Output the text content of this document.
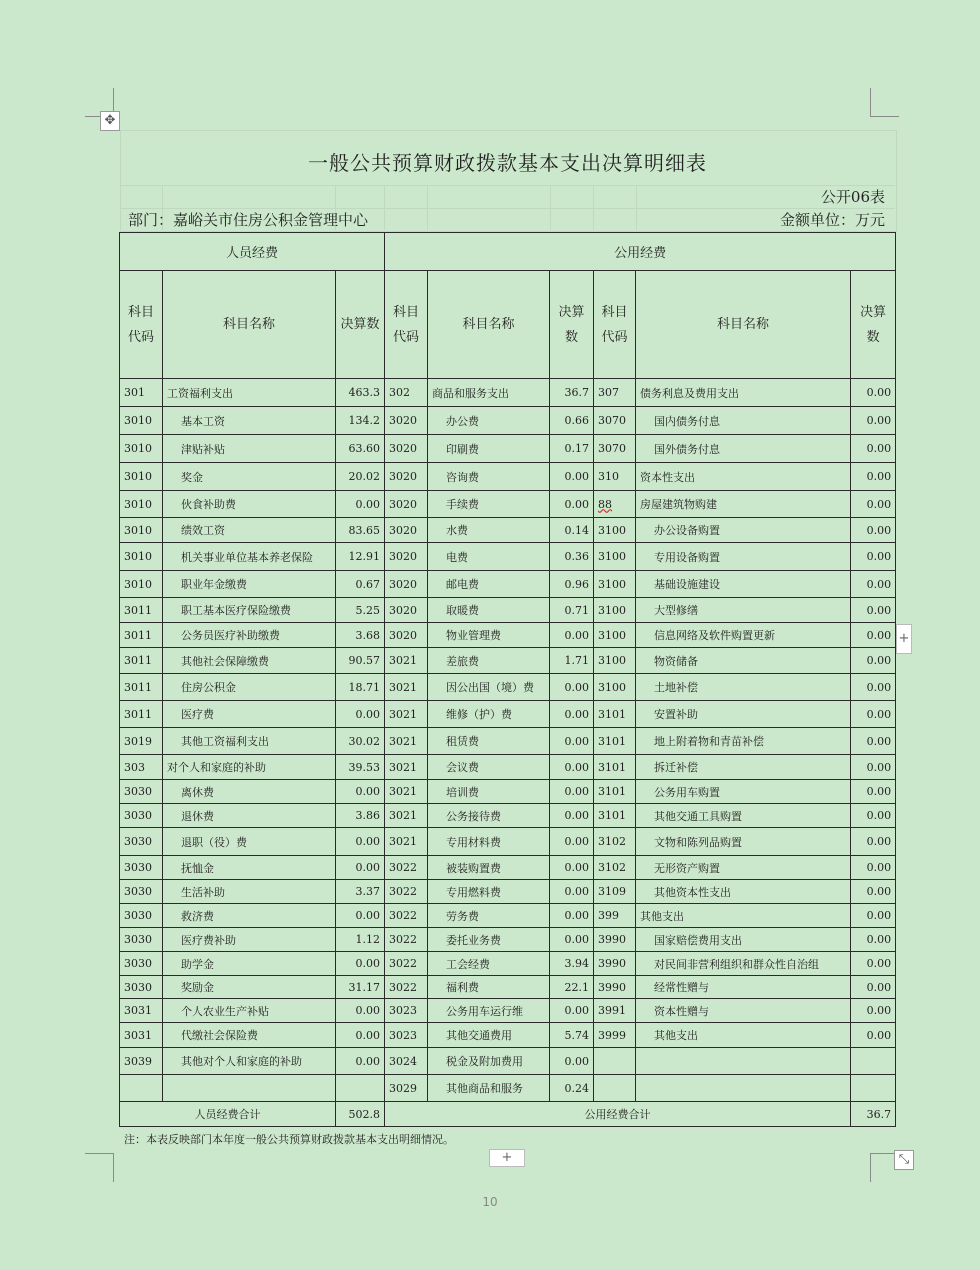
✥
⤡
+
+
一般公共预算财政拨款基本支出决算明细表
公开06表
部门：嘉峪关市住房公积金管理中心	金额单位：万元
人员经费			公用经费					
科目代码	科目名称	决算数	科目代码	科目名称	决算数	科目代码	科目名称	决算数
301	工资福利支出	463.3	302	商品和服务支出	36.7	307	债务利息及费用支出	0.00
3010	基本工资	134.2	3020	办公费	0.66	3070	国内债务付息	0.00
3010	津贴补贴	63.60	3020	印刷费	0.17	3070	国外债务付息	0.00
3010	奖金	20.02	3020	咨询费	0.00	310	资本性支出	0.00
3010	伙食补助费	0.00	3020	手续费	0.00	88	房屋建筑物购建	0.00
3010	绩效工资	83.65	3020	水费	0.14	3100	办公设备购置	0.00
3010	机关事业单位基本养老保险	12.91	3020	电费	0.36	3100	专用设备购置	0.00
3010	职业年金缴费	0.67	3020	邮电费	0.96	3100	基础设施建设	0.00
3011	职工基本医疗保险缴费	5.25	3020	取暖费	0.71	3100	大型修缮	0.00
3011	公务员医疗补助缴费	3.68	3020	物业管理费	0.00	3100	信息网络及软件购置更新	0.00
3011	其他社会保障缴费	90.57	3021	差旅费	1.71	3100	物资储备	0.00
3011	住房公积金	18.71	3021	因公出国（境）费	0.00	3100	土地补偿	0.00
3011	医疗费	0.00	3021	维修（护）费	0.00	3101	安置补助	0.00
3019	其他工资福利支出	30.02	3021	租赁费	0.00	3101	地上附着物和青苗补偿	0.00
303	对个人和家庭的补助	39.53	3021	会议费	0.00	3101	拆迁补偿	0.00
3030	离休费	0.00	3021	培训费	0.00	3101	公务用车购置	0.00
3030	退休费	3.86	3021	公务接待费	0.00	3101	其他交通工具购置	0.00
3030	退职（役）费	0.00	3021	专用材料费	0.00	3102	文物和陈列品购置	0.00
3030	抚恤金	0.00	3022	被装购置费	0.00	3102	无形资产购置	0.00
3030	生活补助	3.37	3022	专用燃料费	0.00	3109	其他资本性支出	0.00
3030	救济费	0.00	3022	劳务费	0.00	399	其他支出	0.00
3030	医疗费补助	1.12	3022	委托业务费	0.00	3990	国家赔偿费用支出	0.00
3030	助学金	0.00	3022	工会经费	3.94	3990	对民间非营利组织和群众性自治组	0.00
3030	奖励金	31.17	3022	福利费	22.1	3990	经常性赠与	0.00
3031	个人农业生产补贴	0.00	3023	公务用车运行维	0.00	3991	资本性赠与	0.00
3031	代缴社会保险费	0.00	3023	其他交通费用	5.74	3999	其他支出	0.00
3039	其他对个人和家庭的补助	0.00	3024	税金及附加费用	0.00			
			3029	其他商品和服务	0.24			
人员经费合计		502.8	公用经费合计					36.7
注：本表反映部门本年度一般公共预算财政拨款基本支出明细情况。
10
